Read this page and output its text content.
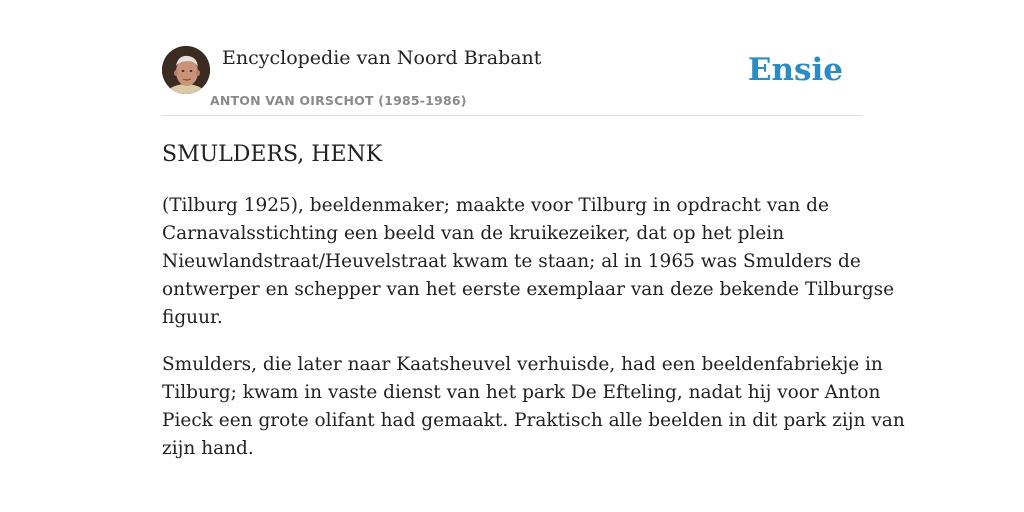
Encyclopedie van Noord Brabant
ANTON VAN OIRSCHOT (1985-1986)
Ensie
SMULDERS, HENK

(Tilburg 1925), beeldenmaker; maakte voor Tilburg in opdracht van de
Carnavalsstichting een beeld van de kruikezeiker, dat op het plein
Nieuwlandstraat/Heuvelstraat kwam te staan; al in 1965 was Smulders de
ontwerper en schepper van het eerste exemplaar van deze bekende Tilburgse
figuur.

Smulders, die later naar Kaatsheuvel verhuisde, had een beeldenfabriekje in
Tilburg; kwam in vaste dienst van het park De Efteling, nadat hij voor Anton
Pieck een grote olifant had gemaakt. Praktisch alle beelden in dit park zijn van
zijn hand.
